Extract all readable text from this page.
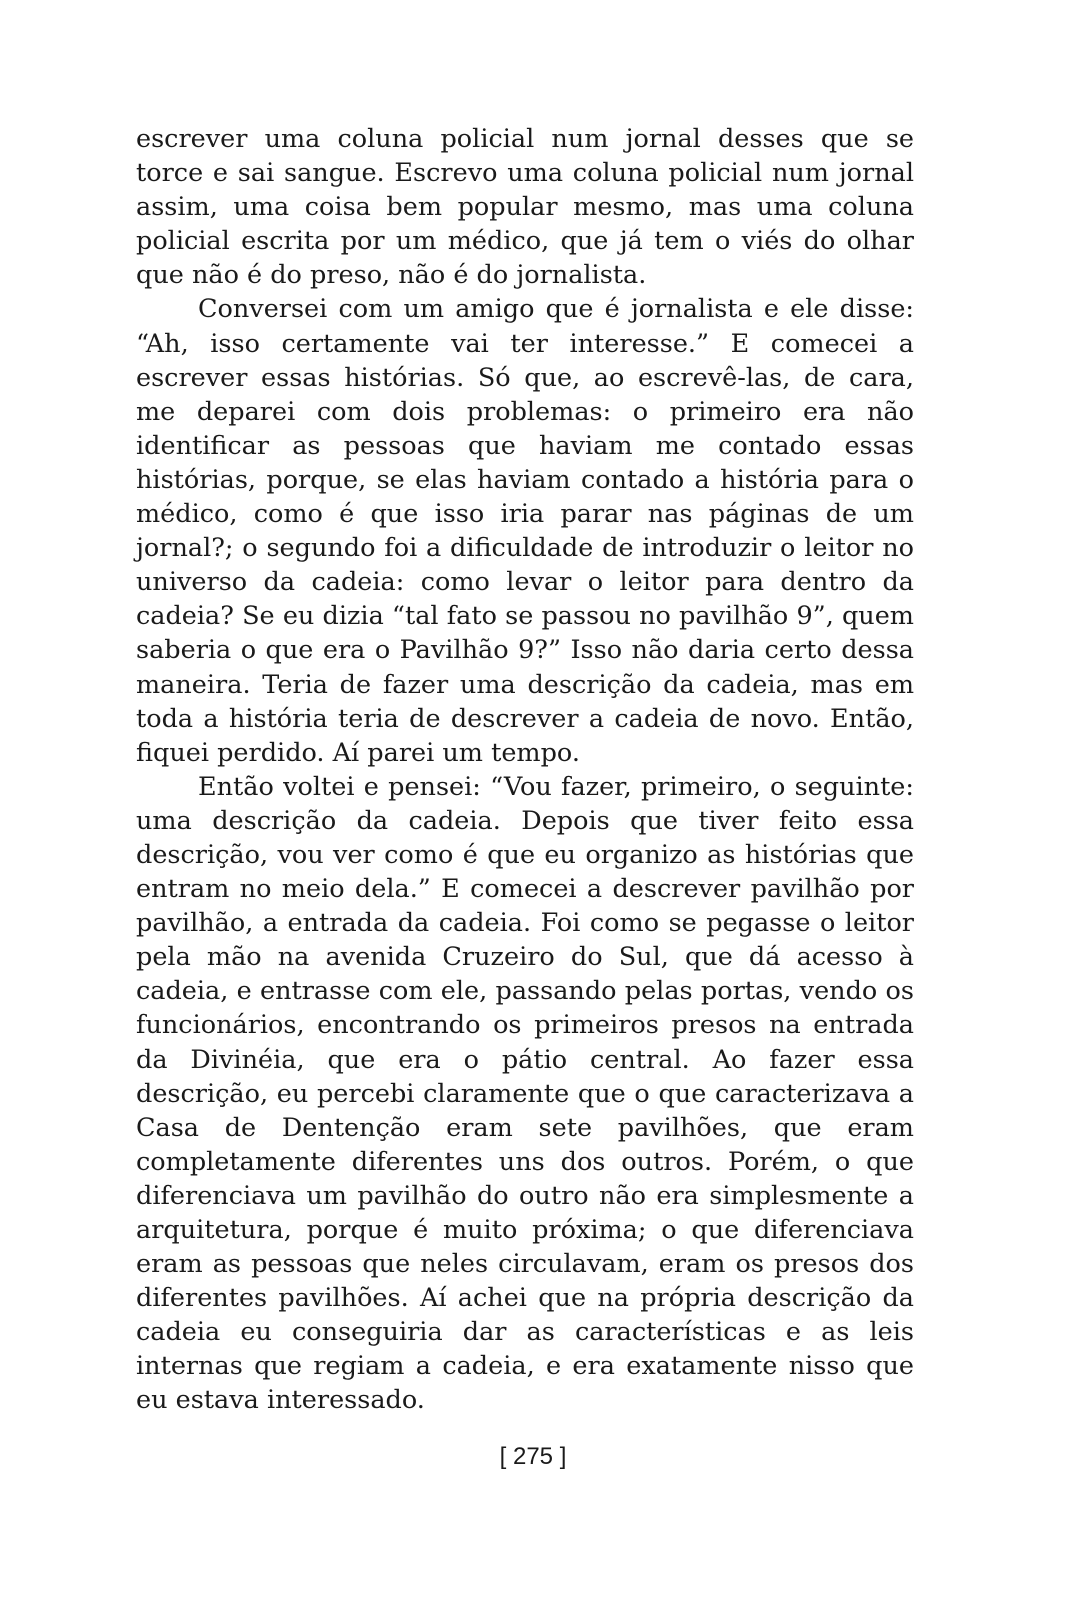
escrever uma coluna policial num jornal desses que se torce e sai sangue. Escrevo uma coluna policial num jornal assim, uma coisa bem popular mesmo, mas uma coluna policial escrita por um médico, que já tem o viés do olhar que não é do preso, não é do jornalista.

Conversei com um amigo que é jornalista e ele disse: “Ah, isso certamente vai ter interesse.” E comecei a escrever essas histórias. Só que, ao escrevê-las, de cara, me deparei com dois problemas: o primeiro era não identificar as pessoas que haviam me contado essas histórias, porque, se elas haviam contado a história para o médico, como é que isso iria parar nas páginas de um jornal?; o segundo foi a dificuldade de introduzir o leitor no universo da cadeia: como levar o leitor para dentro da cadeia? Se eu dizia “tal fato se passou no pavilhão 9”, quem saberia o que era o Pavilhão 9?” Isso não daria certo dessa maneira. Teria de fazer uma descrição da cadeia, mas em toda a história teria de descrever a cadeia de novo. Então, fiquei perdido. Aí parei um tempo.

Então voltei e pensei: “Vou fazer, primeiro, o seguinte: uma descrição da cadeia. Depois que tiver feito essa descrição, vou ver como é que eu organizo as histórias que entram no meio dela.” E comecei a descrever pavilhão por pavilhão, a entrada da cadeia. Foi como se pegasse o leitor pela mão na avenida Cruzeiro do Sul, que dá acesso à cadeia, e entrasse com ele, passando pelas portas, vendo os funcionários, encontrando os primeiros presos na entrada da Divinéia, que era o pátio central. Ao fazer essa descrição, eu percebi claramente que o que caracterizava a Casa de Dentenção eram sete pavilhões, que eram completamente diferentes uns dos outros. Porém, o que diferenciava um pavilhão do outro não era simplesmente a arquitetura, porque é muito próxima; o que diferenciava eram as pessoas que neles circulavam, eram os presos dos diferentes pavilhões. Aí achei que na própria descrição da cadeia eu conseguiria dar as características e as leis internas que regiam a cadeia, e era exatamente nisso que eu estava interessado.

[ 275 ]
